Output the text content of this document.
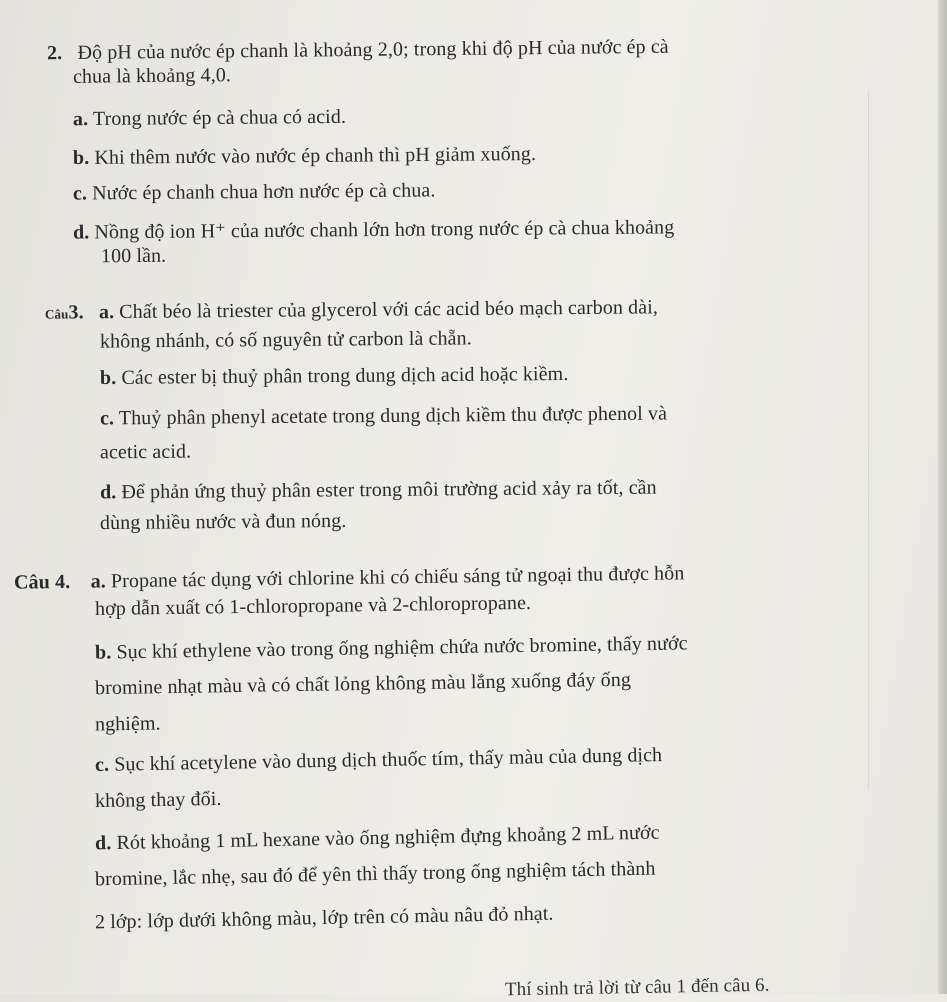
2. Độ pH của nước ép chanh là khoảng 2,0; trong khi độ pH của nước ép cà
chua là khoảng 4,0.
a. Trong nước ép cà chua có acid.
b. Khi thêm nước vào nước ép chanh thì pH giảm xuống.
c. Nước ép chanh chua hơn nước ép cà chua.
d. Nồng độ ion H⁺ của nước chanh lớn hơn trong nước ép cà chua khoảng
100 lần.
Câu3. a. Chất béo là triester của glycerol với các acid béo mạch carbon dài,
không nhánh, có số nguyên tử carbon là chẵn.
b. Các ester bị thuỷ phân trong dung dịch acid hoặc kiềm.
c. Thuỷ phân phenyl acetate trong dung dịch kiềm thu được phenol và
acetic acid.
d. Để phản ứng thuỷ phân ester trong môi trường acid xảy ra tốt, cần
dùng nhiều nước và đun nóng.
Câu 4. a. Propane tác dụng với chlorine khi có chiếu sáng tử ngoại thu được hỗn
hợp dẫn xuất có 1-chloropropane và 2-chloropropane.
b. Sục khí ethylene vào trong ống nghiệm chứa nước bromine, thấy nước
bromine nhạt màu và có chất lỏng không màu lắng xuống đáy ống
nghiệm.
c. Sục khí acetylene vào dung dịch thuốc tím, thấy màu của dung dịch
không thay đổi.
d. Rót khoảng 1 mL hexane vào ống nghiệm đựng khoảng 2 mL nước
bromine, lắc nhẹ, sau đó để yên thì thấy trong ống nghiệm tách thành
2 lớp: lớp dưới không màu, lớp trên có màu nâu đỏ nhạt.
Thí sinh trả lời từ câu 1 đến câu 6.
